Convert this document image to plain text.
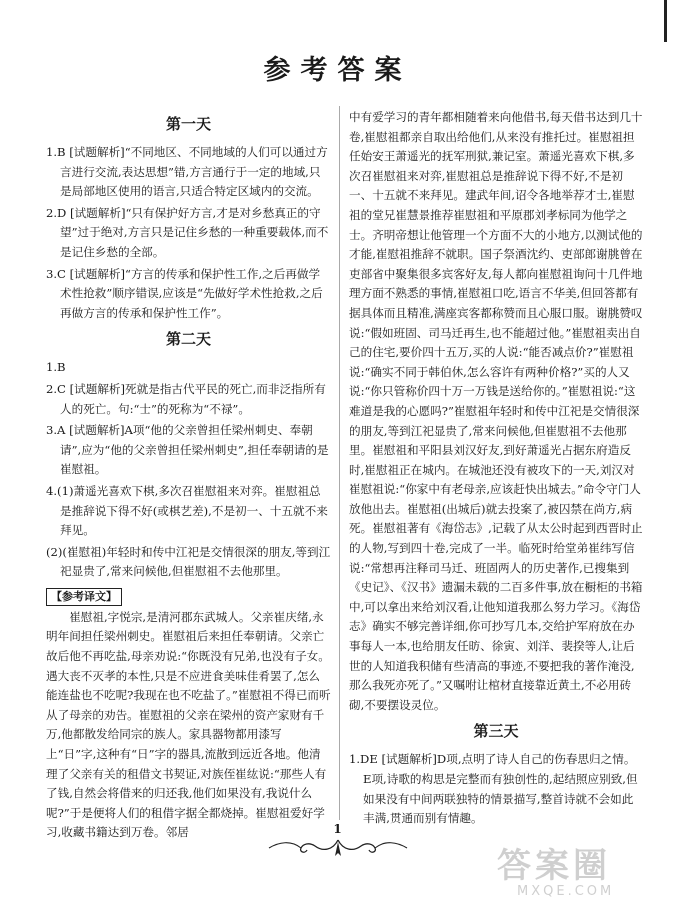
参考答案
第一天
1.B [试题解析]“不同地区、不同地域的人们可以通过方言进行交流,表达思想”错,方言通行于一定的地域,只是局部地区使用的语言,只适合特定区域内的交流。
2.D [试题解析]“只有保护好方言,才是对乡愁真正的守望”过于绝对,方言只是记住乡愁的一种重要载体,而不是记住乡愁的全部。
3.C [试题解析]“方言的传承和保护性工作,之后再做学术性抢救”顺序错误,应该是“先做好学术性抢救,之后再做方言的传承和保护性工作”。
第二天
1.B
2.C [试题解析]死就是指古代平民的死亡,而非泛指所有人的死亡。句:“士”的死称为“不禄”。
3.A [试题解析]A项“他的父亲曾担任梁州刺史、奉朝请”,应为“他的父亲曾担任梁州刺史”,担任奉朝请的是崔慰祖。
4.(1)萧遥光喜欢下棋,多次召崔慰祖来对弈。崔慰祖总是推辞说下得不好(或棋艺差),不是初一、十五就不来拜见。
(2)(崔慰祖)年轻时和传中江祀是交情很深的朋友,等到江祀显贵了,常来问候他,但崔慰祖不去他那里。
【参考译文】
崔慰祖,字悦宗,是清河郡东武城人。父亲崔庆绪,永明年间担任梁州刺史。崔慰祖后来担任奉朝请。父亲亡故后他不再吃盐,母亲劝说:“你既没有兄弟,也没有子女。遇大丧不灭孝的本性,只是不应进食美味佳肴罢了,怎么能连盐也不吃呢?我现在也不吃盐了。”崔慰祖不得已而听从了母亲的劝告。崔慰祖的父亲在梁州的资产家财有千万,他都散发给同宗的族人。家具器物都用漆写上“日”字,这种有“日”字的器具,流散到远近各地。他清理了父亲有关的租借文书契证,对族侄崔纮说:“那些人有了钱,自然会将借来的归还我,他们如果没有,我说什么呢?”于是便将人们的租借字据全都烧掉。崔慰祖爱好学习,收藏书籍达到万卷。邻居
中有爱学习的青年都相随着来向他借书,每天借书达到几十卷,崔慰祖都亲自取出给他们,从来没有推托过。崔慰祖担任始安王萧遥光的抚军刑狱,兼记室。萧遥光喜欢下棋,多次召崔慰祖来对弈,崔慰祖总是推辞说下得不好,不是初一、十五就不来拜见。建武年间,诏令各地举荐才士,崔慰祖的堂兄崔慧景推荐崔慰祖和平原郡刘孝标同为他学之士。齐明帝想让他管理一个方面不大的小地方,以测试他的才能,崔慰祖推辞不就职。国子祭酒沈约、吏部郎谢朓曾在吏部省中聚集很多宾客好友,每人都向崔慰祖询问十几件地理方面不熟悉的事情,崔慰祖口吃,语言不华美,但回答都有据具体而且精准,满座宾客都称赞而且心服口服。谢朓赞叹说:“假如班固、司马迁再生,也不能超过他。”崔慰祖卖出自己的住宅,要价四十五万,买的人说:“能否减点价?”崔慰祖说:“确实不同于韩伯休,怎么容许有两种价格?”买的人又说:“你只管称价四十万一万钱是送给你的。”崔慰祖说:“这难道是我的心愿吗?”崔慰祖年轻时和传中江祀是交情很深的朋友,等到江祀显贵了,常来问候他,但崔慰祖不去他那里。崔慰祖和平阳县刘汉好友,到好萧遥光占据东府造反时,崔慰祖正在城内。在城池还没有被攻下的一天,刘汉对崔慰祖说:“你家中有老母亲,应该赶快出城去。”命令守门人放他出去。崔慰祖(出城后)就去投案了,被囚禁在尚方,病死。崔慰祖著有《海岱志》,记载了从太公时起到西晋时止的人物,写到四十卷,完成了一半。临死时给堂弟崔纬写信说:“常想再注释司马迁、班固两人的历史著作,已搜集到《史记》、《汉书》遗漏未载的二百多件事,放在橱柜的书箱中,可以拿出来给刘汉看,让他知道我那么努力学习。《海岱志》确实不够完善详细,你可抄写几本,交给护军府放在办事每人一本,也给朋友任昉、徐寅、刘洋、裴揆等人,让后世的人知道我积储有些清高的事迹,不要把我的著作淹没,那么我死亦死了。”又嘱咐让棺材直接靠近黄土,不必用砖砌,不要摆设灵位。
第三天
1.DE [试题解析]D项,点明了诗人自己的伤春思归之情。E项,诗歌的构思是完整而有独创性的,起结照应别致,但如果没有中间两联独特的情景描写,整首诗就不会如此丰满,贯通而别有情趣。
1
答案圈
MXQE.COM
